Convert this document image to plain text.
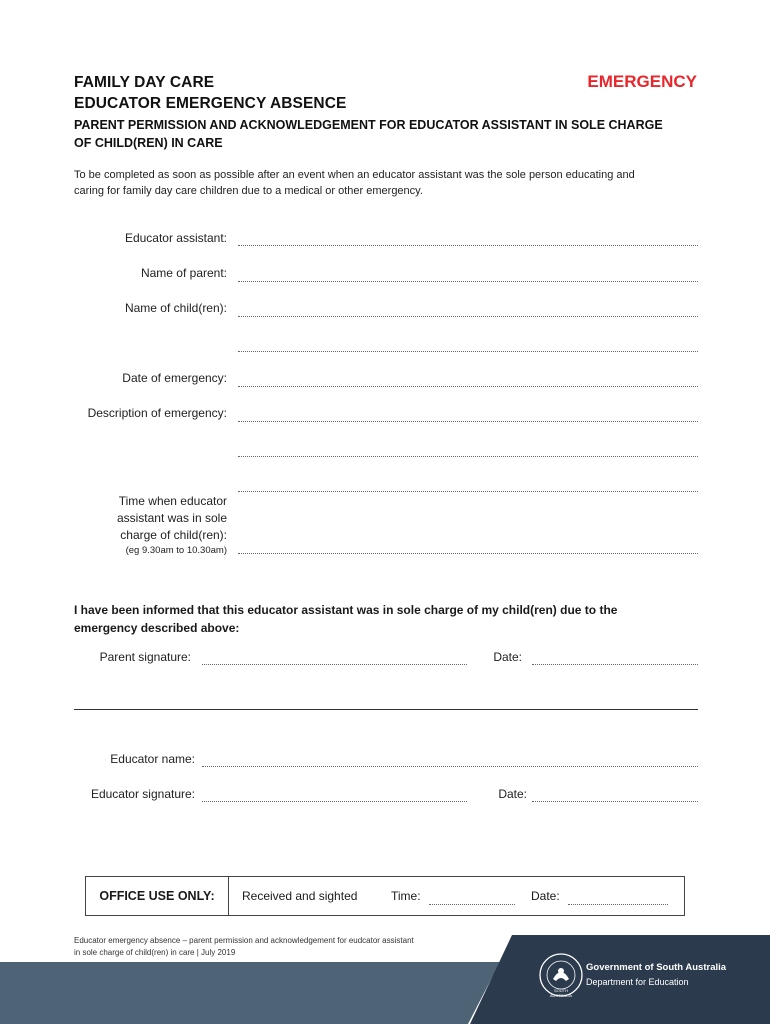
FAMILY DAY CARE	EMERGENCY
EDUCATOR EMERGENCY ABSENCE
PARENT PERMISSION AND ACKNOWLEDGEMENT FOR EDUCATOR ASSISTANT IN SOLE CHARGE
OF CHILD(REN) IN CARE
To be completed as soon as possible after an event when an educator assistant was the sole person educating and
caring for family day care children due to a medical or other emergency.
Educator assistant:
Name of parent:
Name of child(ren):
Date of emergency:
Description of emergency:
Time when educator
assistant was in sole
charge of child(ren):
(eg 9.30am to 10.30am)
I have been informed that this educator assistant was in sole charge of my child(ren) due to the
emergency described above:
Parent signature:	Date:
Educator name:
Educator signature:	Date:
OFFICE USE ONLY:	Received and sighted	Time:	Date:
Educator emergency absence – parent permission and acknowledgement for eudcator assistant
in sole charge of child(ren) in care | July 2019
SOUTH AUSTRALIA
Government of South Australia
Department for Education
